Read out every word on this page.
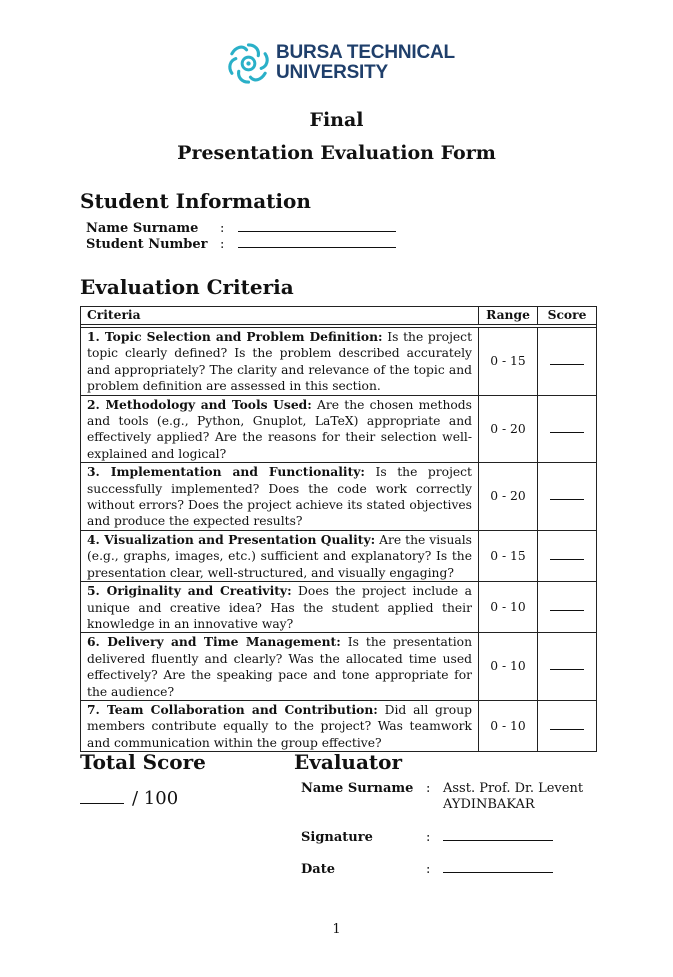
BURSA TECHNICAL
UNIVERSITY
Final
Presentation Evaluation Form
Student Information
Name Surname :
Student Number :
Evaluation Criteria
Criteria	Range	Score

1. Topic Selection and Problem Definition: Is the project topic clearly defined? Is the problem described accurately and appropriately? The clarity and relevance of the topic and problem definition are assessed in this section.	0 - 15	
2. Methodology and Tools Used: Are the chosen methods and tools (e.g., Python, Gnuplot, LaTeX) appropriate and effectively applied? Are the reasons for their selection well-explained and logical?	0 - 20	
3. Implementation and Functionality: Is the project successfully implemented? Does the code work correctly without errors? Does the project achieve its stated objectives and produce the expected results?	0 - 20	
4. Visualization and Presentation Quality: Are the visuals (e.g., graphs, images, etc.) sufficient and explanatory? Is the presentation clear, well-structured, and visually engaging?	0 - 15	
5. Originality and Creativity: Does the project include a unique and creative idea? Has the student applied their knowledge in an innovative way?	0 - 10	
6. Delivery and Time Management: Is the presentation delivered fluently and clearly? Was the allocated time used effectively? Are the speaking pace and tone appropriate for the audience?	0 - 10	
7. Team Collaboration and Contribution: Did all group members contribute equally to the project? Was teamwork and communication within the group effective?	0 - 10	
Total Score
/ 100
Evaluator
Name Surname : Asst. Prof. Dr. Levent
AYDINBAKAR
Signature	:
Date	:
1
